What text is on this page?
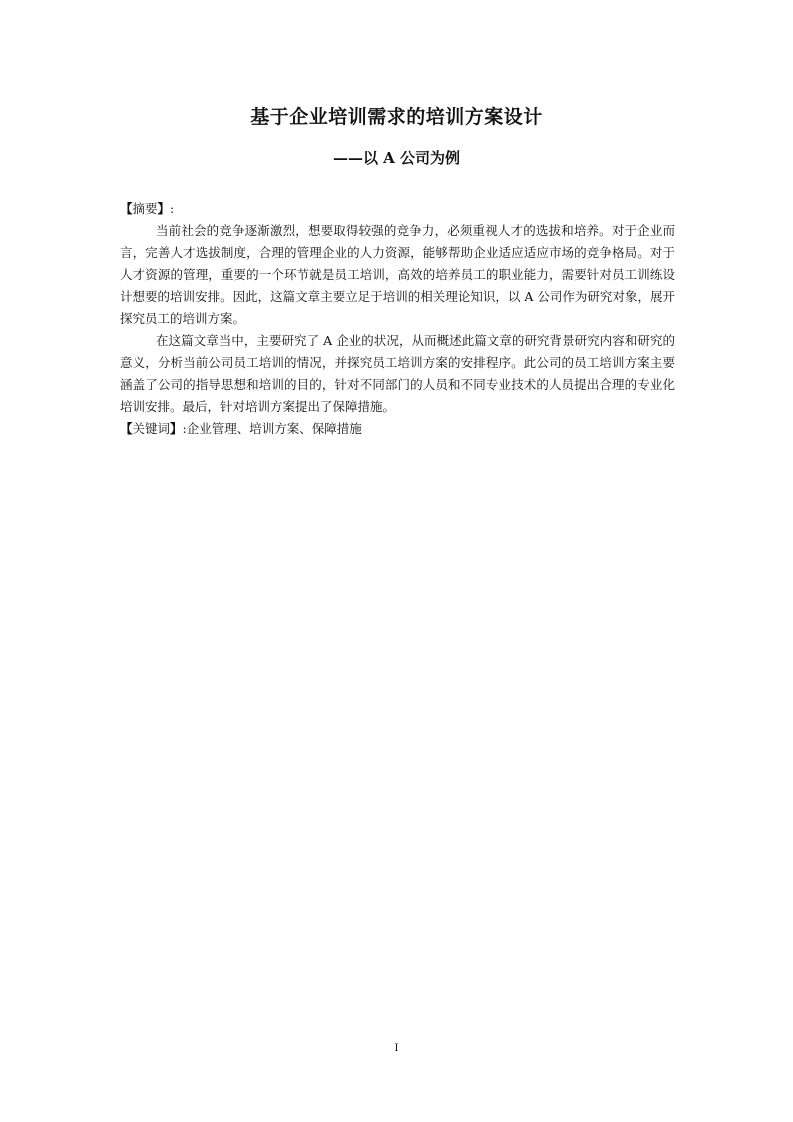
基于企业培训需求的培训方案设计
——以 A 公司为例

【摘要】:

当前社会的竞争逐渐激烈，想要取得较强的竞争力，必须重视人才的选拔和培养。对于企业而言，完善人才选拔制度，合理的管理企业的人力资源，能够帮助企业适应适应市场的竞争格局。对于人才资源的管理，重要的一个环节就是员工培训，高效的培养员工的职业能力，需要针对员工训练设计想要的培训安排。因此，这篇文章主要立足于培训的相关理论知识，以 A 公司作为研究对象，展开探究员工的培训方案。

在这篇文章当中，主要研究了 A 企业的状况，从而概述此篇文章的研究背景研究内容和研究的意义，分析当前公司员工培训的情况，并探究员工培训方案的安排程序。此公司的员工培训方案主要涵盖了公司的指导思想和培训的目的，针对不同部门的人员和不同专业技术的人员提出合理的专业化培训安排。最后，针对培训方案提出了保障措施。

【关键词】:企业管理、培训方案、保障措施

I
